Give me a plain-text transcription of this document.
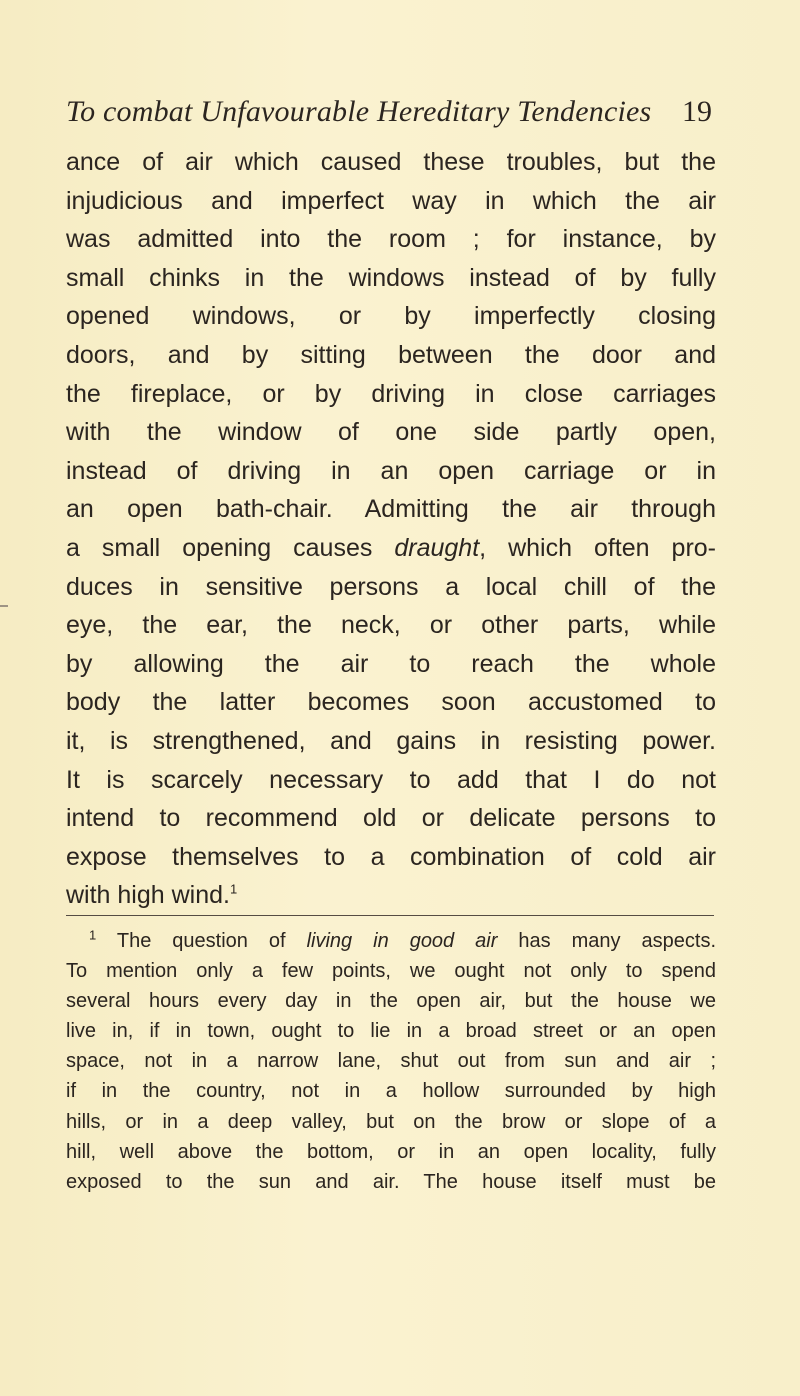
To combat Unfavourable Hereditary Tendencies	19
ance of air which caused these troubles, but the
injudicious and imperfect way in which the air
was admitted into the room ; for instance, by
small chinks in the windows instead of by fully
opened windows, or by imperfectly closing
doors, and by sitting between the door and
the fireplace, or by driving in close carriages
with the window of one side partly open,
instead of driving in an open carriage or in
an open bath-chair. Admitting the air through
a small opening causes draught, which often pro-
duces in sensitive persons a local chill of the
eye, the ear, the neck, or other parts, while
by allowing the air to reach the whole
body the latter becomes soon accustomed to
it, is strengthened, and gains in resisting power.
It is scarcely necessary to add that I do not
intend to recommend old or delicate persons to
expose themselves to a combination of cold air
with high wind.$^1$
$^1$ The question of living in good air has many aspects.
To mention only a few points, we ought not only to spend
several hours every day in the open air, but the house we
live in, if in town, ought to lie in a broad street or an open
space, not in a narrow lane, shut out from sun and air ;
if in the country, not in a hollow surrounded by high
hills, or in a deep valley, but on the brow or slope of a
hill, well above the bottom, or in an open locality, fully
exposed to the sun and air. The house itself must be
